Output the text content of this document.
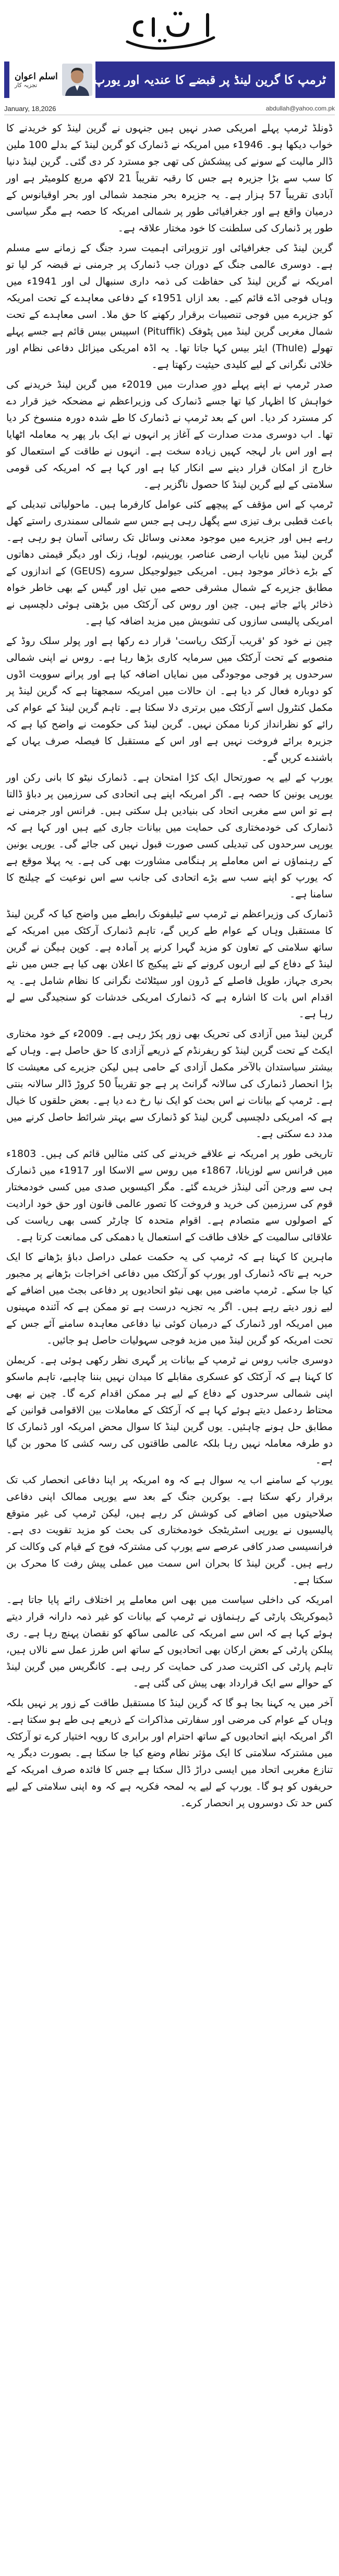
اسلم اعوان
تجزیہ کار	ٹرمپ کا گرین لینڈ پر قبضے کا عندیہ اور یورپ
January, 18,2026	abdullah@yahoo.com.pk

ڈونلڈ ٹرمپ پہلے امریکی صدر نہیں ہیں جنہوں نے گرین لینڈ کو خریدنے کا خواب دیکھا ہو۔ 1946ء میں امریکہ نے ڈنمارک کو گرین لینڈ کے بدلے 100 ملین ڈالر مالیت کے سونے کی پیشکش کی تھی جو مسترد کر دی گئی۔ گرین لینڈ دنیا کا سب سے بڑا جزیرہ ہے جس کا رقبہ تقریباً 21 لاکھ مربع کلومیٹر ہے اور آبادی تقریباً 57 ہزار ہے۔ یہ جزیرہ بحر منجمد شمالی اور بحر اوقیانوس کے درمیان واقع ہے اور جغرافیائی طور پر شمالی امریکہ کا حصہ ہے مگر سیاسی طور پر ڈنمارک کی سلطنت کا خود مختار علاقہ ہے۔

گرین لینڈ کی جغرافیائی اور تزویراتی اہمیت سرد جنگ کے زمانے سے مسلم ہے۔ دوسری عالمی جنگ کے دوران جب ڈنمارک پر جرمنی نے قبضہ کر لیا تو امریکہ نے گرین لینڈ کی حفاظت کی ذمہ داری سنبھال لی اور 1941ء میں وہاں فوجی اڈے قائم کیے۔ بعد ازاں 1951ء کے دفاعی معاہدے کے تحت امریکہ کو جزیرے میں فوجی تنصیبات برقرار رکھنے کا حق ملا۔ اسی معاہدے کے تحت شمال مغربی گرین لینڈ میں پٹوفک (Pituffik) اسپیس بیس قائم ہے جسے پہلے تھولے (Thule) ایئر بیس کہا جاتا تھا۔ یہ اڈہ امریکی میزائل دفاعی نظام اور خلائی نگرانی کے لیے کلیدی حیثیت رکھتا ہے۔

صدر ٹرمپ نے اپنے پہلے دورِ صدارت میں 2019ء میں گرین لینڈ خریدنے کی خواہش کا اظہار کیا تھا جسے ڈنمارک کی وزیراعظم نے مضحکہ خیز قرار دے کر مسترد کر دیا۔ اس کے بعد ٹرمپ نے ڈنمارک کا طے شدہ دورہ منسوخ کر دیا تھا۔ اب دوسری مدت صدارت کے آغاز پر انہوں نے ایک بار پھر یہ معاملہ اٹھایا ہے اور اس بار لہجہ کہیں زیادہ سخت ہے۔ انہوں نے طاقت کے استعمال کو خارج از امکان قرار دینے سے انکار کیا ہے اور کہا ہے کہ امریکہ کی قومی سلامتی کے لیے گرین لینڈ کا حصول ناگزیر ہے۔

ٹرمپ کے اس مؤقف کے پیچھے کئی عوامل کارفرما ہیں۔ ماحولیاتی تبدیلی کے باعث قطبی برف تیزی سے پگھل رہی ہے جس سے شمالی سمندری راستے کھل رہے ہیں اور جزیرے میں موجود معدنی وسائل تک رسائی آسان ہو رہی ہے۔ گرین لینڈ میں نایاب ارضی عناصر، یورینیم، لوہا، زنک اور دیگر قیمتی دھاتوں کے بڑے ذخائر موجود ہیں۔ امریکی جیولوجیکل سروے (GEUS) کے اندازوں کے مطابق جزیرے کے شمال مشرقی حصے میں تیل اور گیس کے بھی خاطر خواہ ذخائر پائے جاتے ہیں۔ چین اور روس کی آرکٹک میں بڑھتی ہوئی دلچسپی نے امریکی پالیسی سازوں کی تشویش میں مزید اضافہ کیا ہے۔

چین نے خود کو 'قریب آرکٹک ریاست' قرار دے رکھا ہے اور پولر سلک روڈ کے منصوبے کے تحت آرکٹک میں سرمایہ کاری بڑھا رہا ہے۔ روس نے اپنی شمالی سرحدوں پر فوجی موجودگی میں نمایاں اضافہ کیا ہے اور پرانے سوویت اڈوں کو دوبارہ فعال کر دیا ہے۔ ان حالات میں امریکہ سمجھتا ہے کہ گرین لینڈ پر مکمل کنٹرول اسے آرکٹک میں برتری دلا سکتا ہے۔ تاہم گرین لینڈ کے عوام کی رائے کو نظرانداز کرنا ممکن نہیں۔ گرین لینڈ کی حکومت نے واضح کیا ہے کہ جزیرہ برائے فروخت نہیں ہے اور اس کے مستقبل کا فیصلہ صرف یہاں کے باشندے کریں گے۔

یورپ کے لیے یہ صورتحال ایک کڑا امتحان ہے۔ ڈنمارک نیٹو کا بانی رکن اور یورپی یونین کا حصہ ہے۔ اگر امریکہ اپنے ہی اتحادی کی سرزمین پر دباؤ ڈالتا ہے تو اس سے مغربی اتحاد کی بنیادیں ہل سکتی ہیں۔ فرانس اور جرمنی نے ڈنمارک کی خودمختاری کی حمایت میں بیانات جاری کیے ہیں اور کہا ہے کہ یورپی سرحدوں کی تبدیلی کسی صورت قبول نہیں کی جائے گی۔ یورپی یونین کے رہنماؤں نے اس معاملے پر ہنگامی مشاورت بھی کی ہے۔ یہ پہلا موقع ہے کہ یورپ کو اپنے سب سے بڑے اتحادی کی جانب سے اس نوعیت کے چیلنج کا سامنا ہے۔

ڈنمارک کی وزیراعظم نے ٹرمپ سے ٹیلیفونک رابطے میں واضح کیا کہ گرین لینڈ کا مستقبل وہاں کے عوام طے کریں گے، تاہم ڈنمارک آرکٹک میں امریکہ کے ساتھ سلامتی کے تعاون کو مزید گہرا کرنے پر آمادہ ہے۔ کوپن ہیگن نے گرین لینڈ کے دفاع کے لیے اربوں کرونے کے نئے پیکیج کا اعلان بھی کیا ہے جس میں نئے بحری جہاز، طویل فاصلے کے ڈرون اور سیٹلائٹ نگرانی کا نظام شامل ہے۔ یہ اقدام اس بات کا اشارہ ہے کہ ڈنمارک امریکی خدشات کو سنجیدگی سے لے رہا ہے۔

گرین لینڈ میں آزادی کی تحریک بھی زور پکڑ رہی ہے۔ 2009ء کے خود مختاری ایکٹ کے تحت گرین لینڈ کو ریفرنڈم کے ذریعے آزادی کا حق حاصل ہے۔ وہاں کے بیشتر سیاستدان بالآخر مکمل آزادی کے حامی ہیں لیکن جزیرے کی معیشت کا بڑا انحصار ڈنمارک کی سالانہ گرانٹ پر ہے جو تقریباً 50 کروڑ ڈالر سالانہ بنتی ہے۔ ٹرمپ کے بیانات نے اس بحث کو ایک نیا رخ دے دیا ہے۔ بعض حلقوں کا خیال ہے کہ امریکی دلچسپی گرین لینڈ کو ڈنمارک سے بہتر شرائط حاصل کرنے میں مدد دے سکتی ہے۔

تاریخی طور پر امریکہ نے علاقے خریدنے کی کئی مثالیں قائم کی ہیں۔ 1803ء میں فرانس سے لوزیانا، 1867ء میں روس سے الاسکا اور 1917ء میں ڈنمارک ہی سے ورجن آئی لینڈز خریدے گئے۔ مگر اکیسویں صدی میں کسی خودمختار قوم کی سرزمین کی خرید و فروخت کا تصور عالمی قانون اور حق خود ارادیت کے اصولوں سے متصادم ہے۔ اقوام متحدہ کا چارٹر کسی بھی ریاست کی علاقائی سالمیت کے خلاف طاقت کے استعمال یا دھمکی کی ممانعت کرتا ہے۔

ماہرین کا کہنا ہے کہ ٹرمپ کی یہ حکمت عملی دراصل دباؤ بڑھانے کا ایک حربہ ہے تاکہ ڈنمارک اور یورپ کو آرکٹک میں دفاعی اخراجات بڑھانے پر مجبور کیا جا سکے۔ ٹرمپ ماضی میں بھی نیٹو اتحادیوں پر دفاعی بجٹ میں اضافے کے لیے زور دیتے رہے ہیں۔ اگر یہ تجزیہ درست ہے تو ممکن ہے کہ آئندہ مہینوں میں امریکہ اور ڈنمارک کے درمیان کوئی نیا دفاعی معاہدہ سامنے آئے جس کے تحت امریکہ کو گرین لینڈ میں مزید فوجی سہولیات حاصل ہو جائیں۔

دوسری جانب روس نے ٹرمپ کے بیانات پر گہری نظر رکھی ہوئی ہے۔ کریملن کا کہنا ہے کہ آرکٹک کو عسکری مقابلے کا میدان نہیں بننا چاہیے، تاہم ماسکو اپنی شمالی سرحدوں کے دفاع کے لیے ہر ممکن اقدام کرے گا۔ چین نے بھی محتاط ردعمل دیتے ہوئے کہا ہے کہ آرکٹک کے معاملات بین الاقوامی قوانین کے مطابق حل ہونے چاہئیں۔ یوں گرین لینڈ کا سوال محض امریکہ اور ڈنمارک کا دو طرفہ معاملہ نہیں رہا بلکہ عالمی طاقتوں کی رسہ کشی کا محور بن گیا ہے۔

یورپ کے سامنے اب یہ سوال ہے کہ وہ امریکہ پر اپنا دفاعی انحصار کب تک برقرار رکھ سکتا ہے۔ یوکرین جنگ کے بعد سے یورپی ممالک اپنی دفاعی صلاحیتوں میں اضافے کی کوشش کر رہے ہیں، لیکن ٹرمپ کی غیر متوقع پالیسیوں نے یورپی اسٹریٹجک خودمختاری کی بحث کو مزید تقویت دی ہے۔ فرانسیسی صدر کافی عرصے سے یورپ کی مشترکہ فوج کے قیام کی وکالت کر رہے ہیں۔ گرین لینڈ کا بحران اس سمت میں عملی پیش رفت کا محرک بن سکتا ہے۔

امریکہ کی داخلی سیاست میں بھی اس معاملے پر اختلاف رائے پایا جاتا ہے۔ ڈیموکریٹک پارٹی کے رہنماؤں نے ٹرمپ کے بیانات کو غیر ذمہ دارانہ قرار دیتے ہوئے کہا ہے کہ اس سے امریکہ کی عالمی ساکھ کو نقصان پہنچ رہا ہے۔ ری پبلکن پارٹی کے بعض ارکان بھی اتحادیوں کے ساتھ اس طرز عمل سے نالاں ہیں، تاہم پارٹی کی اکثریت صدر کی حمایت کر رہی ہے۔ کانگریس میں گرین لینڈ کے حوالے سے ایک قرارداد بھی پیش کی گئی ہے۔

آخر میں یہ کہنا بجا ہو گا کہ گرین لینڈ کا مستقبل طاقت کے زور پر نہیں بلکہ وہاں کے عوام کی مرضی اور سفارتی مذاکرات کے ذریعے ہی طے ہو سکتا ہے۔ اگر امریکہ اپنے اتحادیوں کے ساتھ احترام اور برابری کا رویہ اختیار کرے تو آرکٹک میں مشترکہ سلامتی کا ایک مؤثر نظام وضع کیا جا سکتا ہے۔ بصورت دیگر یہ تنازع مغربی اتحاد میں ایسی دراڑ ڈال سکتا ہے جس کا فائدہ صرف امریکہ کے حریفوں کو ہو گا۔ یورپ کے لیے یہ لمحہ فکریہ ہے کہ وہ اپنی سلامتی کے لیے کس حد تک دوسروں پر انحصار کرے۔
